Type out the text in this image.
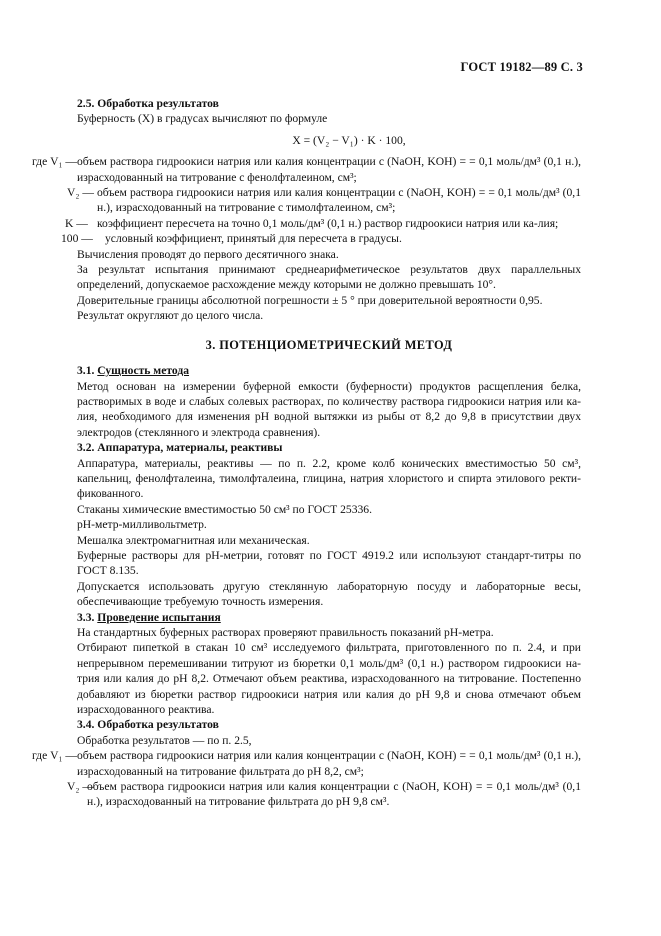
ГОСТ 19182—89 С. 3

2.5. Обработка результатов

Буферность (X) в градусах вычисляют по формуле

X = (V₂ − V₁) · K · 100,

где V₁ — объем раствора гидроокиси натрия или калия концентрации c (NaOH, KOH) = = 0,1 моль/дм³ (0,1 н.), израсходованный на титрование с фенолфталеином, см³;
V₂ — объем раствора гидроокиси натрия или калия концентрации c (NaOH, KOH) = = 0,1 моль/дм³ (0,1 н.), израсходованный на титрование с тимолфталеином, см³;
K — коэффициент пересчета на точно 0,1 моль/дм³ (0,1 н.) раствор гидроокиси натрия или ка-лия;
100 —	условный коэффициент, принятый для пересчета в градусы.

Вычисления проводят до первого десятичного знака.

За результат испытания принимают среднеарифметическое результатов двух параллельных определений, допускаемое расхождение между которыми не должно превышать 10°.

Доверительные границы абсолютной погрешности ± 5 ° при доверительной вероятности 0,95.

Результат округляют до целого числа.

3. ПОТЕНЦИОМЕТРИЧЕСКИЙ МЕТОД

3.1. Сущность метода

Метод основан на измерении буферной емкости (буферности) продуктов расщепления белка, растворимых в воде и слабых солевых растворах, по количеству раствора гидроокиси натрия или ка-лия, необходимого для изменения pH водной вытяжки из рыбы от 8,2 до 9,8 в присутствии двух электродов (стеклянного и электрода сравнения).

3.2. Аппаратура, материалы, реактивы

Аппаратура, материалы, реактивы — по п. 2.2, кроме колб конических вместимостью 50 см³, капельниц, фенолфталеина, тимолфталеина, глицина, натрия хлористого и спирта этилового ректи-фикованного.

Стаканы химические вместимостью 50 см³ по ГОСТ 25336.

pH-метр-милливольтметр.

Мешалка электромагнитная или механическая.

Буферные растворы для pH-метрии, готовят по ГОСТ 4919.2 или используют стандарт-титры по ГОСТ 8.135.

Допускается использовать другую стеклянную лабораторную посуду и лабораторные весы, обеспечивающие требуемую точность измерения.

3.3. Проведение испытания

На стандартных буферных растворах проверяют правильность показаний pH-метра.

Отбирают пипеткой в стакан 10 см³ исследуемого фильтрата, приготовленного по п. 2.4, и при непрерывном перемешивании титруют из бюретки 0,1 моль/дм³ (0,1 н.) раствором гидроокиси на-трия или калия до pH 8,2. Отмечают объем реактива, израсходованного на титрование. Постепенно добавляют из бюретки раствор гидроокиси натрия или калия до pH 9,8 и снова отмечают объем израсходованного реактива.

3.4. Обработка результатов

Обработка результатов — по п. 2.5,

где V₁ — объем раствора гидроокиси натрия или калия концентрации c (NaOH, KOH) = = 0,1 моль/дм³ (0,1 н.), израсходованный на титрование фильтрата до pH 8,2, см³;
V₂ —
объем раствора гидроокиси натрия или калия концентрации c (NaOH, KOH) = = 0,1 моль/дм³ (0,1 н.), израсходованный на титрование фильтрата до pH 9,8 см³.
